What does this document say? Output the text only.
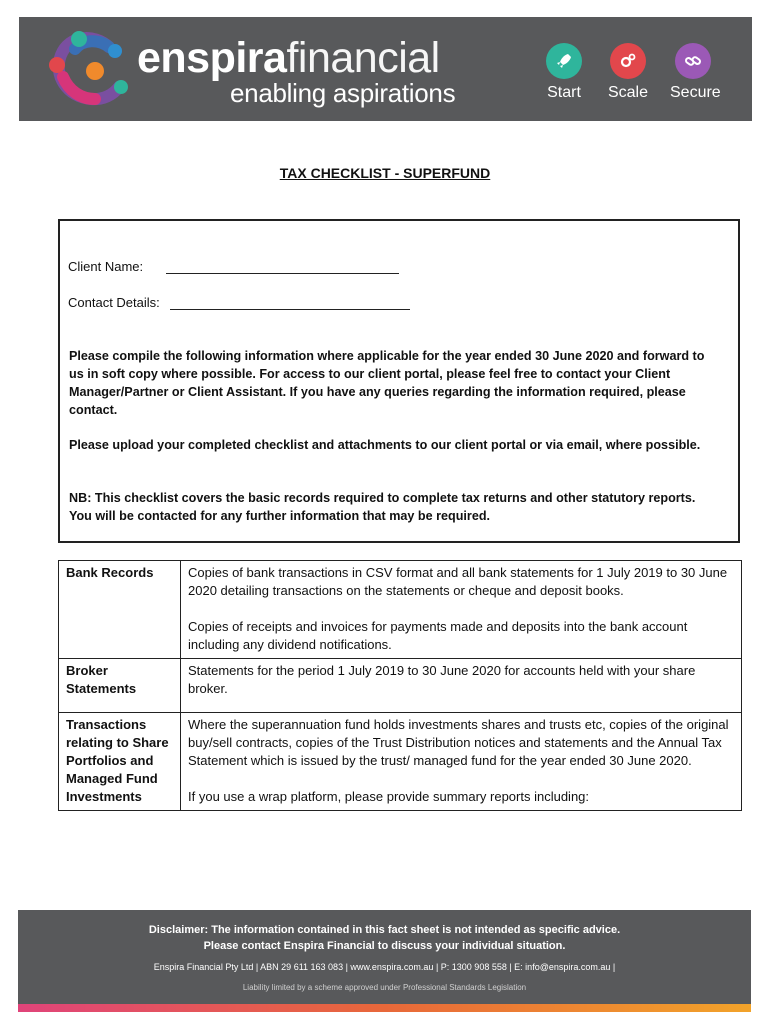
enspirafinancial
enabling aspirations	Start	Scale Secure
TAX CHECKLIST - SUPERFUND
Client Name:
Contact Details:
Please compile the following information where applicable for the year ended 30 June 2020 and forward to us in soft copy where possible. For access to our client portal, please feel free to contact your Client Manager/Partner or Client Assistant. If you have any queries regarding the information required, please contact.
Please upload your completed checklist and attachments to our client portal or via email, where possible.
NB: This checklist covers the basic records required to complete tax returns and other statutory reports. You will be contacted for any further information that may be required.
Bank Records	Copies of bank transactions in CSV format and all bank statements for 1 July 2019 to 30 June 2020 detailing transactions on the statements or cheque and deposit books.

Copies of receipts and invoices for payments made and deposits into the bank account including any dividend notifications.

Broker Statements	Statements for the period 1 July 2019 to 30 June 2020 for accounts held with your share broker.

Transactions relating to Share Portfolios and Managed Fund Investments	Where the superannuation fund holds investments shares and trusts etc, copies of the original buy/sell contracts, copies of the Trust Distribution notices and statements and the Annual Tax Statement which is issued by the trust/ managed fund for the year ended 30 June 2020.

If you use a wrap platform, please provide summary reports including:

Disclaimer: The information contained in this fact sheet is not intended as specific advice.
Please contact Enspira Financial to discuss your individual situation.
Enspira Financial Pty Ltd | ABN 29 611 163 083 | www.enspira.com.au | P: 1300 908 558 | E: info@enspira.com.au |
Liability limited by a scheme approved under Professional Standards Legislation
